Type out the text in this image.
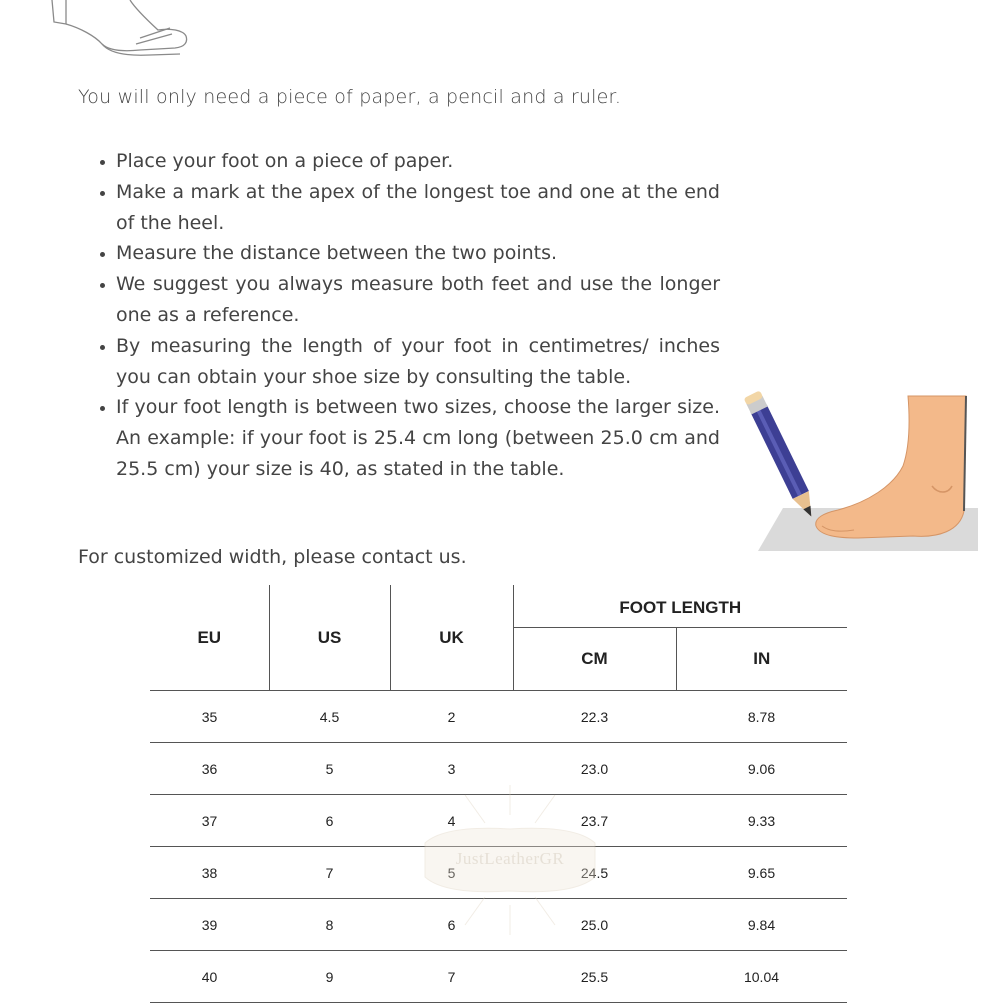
You will only need a piece of paper, a pencil and a ruler.

• Place your foot on a piece of paper.
• Make a mark at the apex of the longest toe and one at the end of the heel.
• Measure the distance between the two points.
• We suggest you always measure both feet and use the longer one as a reference.
• By measuring the length of your foot in centimetres/ inches you can obtain your shoe size by consulting the table.
• If your foot length is between two sizes, choose the larger size. An example: if your foot is 25.4 cm long (between 25.0 cm and 25.5 cm) your size is 40, as stated in the table.

For customized width, please contact us.

EU	US	UK	FOOT LENGTH	
			CM	IN
35	4.5	2	22.3	8.78
36	5	3	23.0	9.06
37	6	4	23.7	9.33
38	7	5	24.5	9.65
39	8	6	25.0	9.84
40	9	7	25.5	10.04
JustLeatherGR
